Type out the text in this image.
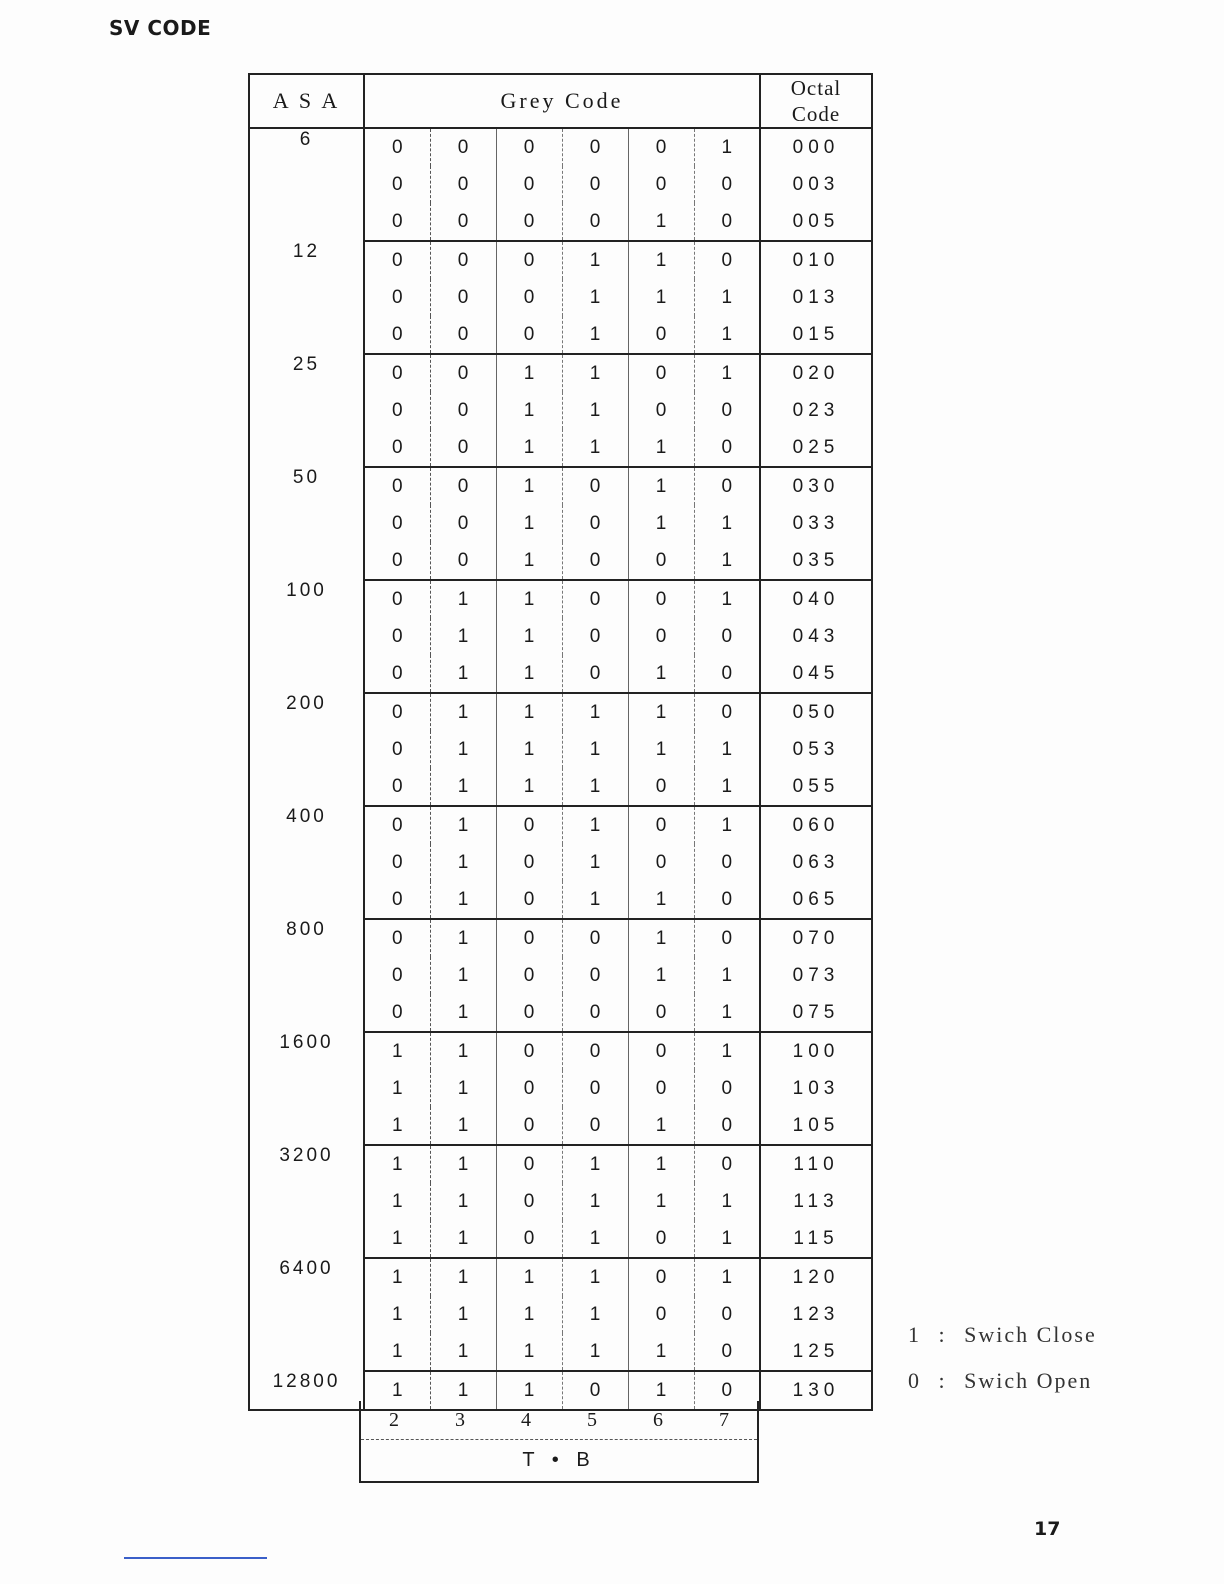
SV CODE
A S A	Grey Code						Octal
Code

6	0	0	0	0	0	1	000
	0	0	0	0	0	0	003
	0	0	0	0	1	0	005
12	0	0	0	1	1	0	010
	0	0	0	1	1	1	013
	0	0	0	1	0	1	015
25	0	0	1	1	0	1	020
	0	0	1	1	0	0	023
	0	0	1	1	1	0	025
50	0	0	1	0	1	0	030
	0	0	1	0	1	1	033
	0	0	1	0	0	1	035
100	0	1	1	0	0	1	040
	0	1	1	0	0	0	043
	0	1	1	0	1	0	045
200	0	1	1	1	1	0	050
	0	1	1	1	1	1	053
	0	1	1	1	0	1	055
400	0	1	0	1	0	1	060
	0	1	0	1	0	0	063
	0	1	0	1	1	0	065
800	0	1	0	0	1	0	070
	0	1	0	0	1	1	073
	0	1	0	0	0	1	075
1600	1	1	0	0	0	1	100
	1	1	0	0	0	0	103
	1	1	0	0	1	0	105
3200	1	1	0	1	1	0	110
	1	1	0	1	1	1	113
	1	1	0	1	0	1	115
6400	1	1	1	1	0	1	120
	1	1	1	1	0	0	123
	1	1	1	1	1	0	125
12800	1	1	1	0	1	0	130
1 : Swich Close
0 : Swich Open
2	3	4	5	6	7
T • B
17
